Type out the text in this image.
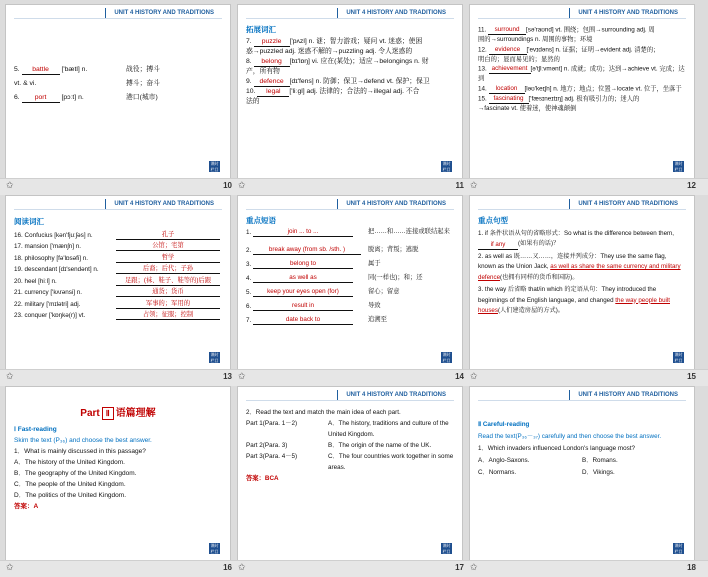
UNIT 4 HISTORY AND TRADITIONS
5. battle ['bætl] n.	战役；搏斗
vt. & vi.	搏斗；奋斗
6. port [pɔːt] n.	港口(城市)
课时 栏目
✩	10
UNIT 4 HISTORY AND TRADITIONS
拓展词汇
7. puzzle ['pʌzl] n. 谜；智力游戏；疑问 vt. 迷惑；使困
惑→puzzled adj. 迷惑不解的→puzzling adj. 令人迷惑的
8. belong [bɪ'lɒŋ] vi. 应在(某处)；适应→belongings n. 财
产，所有物
9. defence [dɪ'fens] n. 防御；保卫→defend vt. 保护；保卫
10. legal ['liːɡl] adj. 法律的；合法的→illegal adj. 不合
法的
课时 栏目
✩	11
UNIT 4 HISTORY AND TRADITIONS
11. surround [sə'raʊnd] vt. 围绕；包围→surrounding adj. 周
围的→surroundings n. 周围的事物；环境
12. evidence ['evɪdəns] n. 证据；证明→evident adj. 清楚的；
明白的；显而易见的；显然的
13. achievement [ə'tʃiːvmənt] n. 成就；成功；达到→achieve vt. 完成；达到
14. location [ləʊ'keɪʃn] n. 地方；地点；位置→locate vt. 位于，坐落于
15. fascinating ['fæsɪneɪtɪŋ] adj. 极有吸引力的；迷人的
→fascinate vt. 使着迷，使神魂颠倒
课时 栏目
✩	12
UNIT 4 HISTORY AND TRADITIONS
阅读词汇
16. Confucius [kən'fjuːʃəs] n.	孔子
17. mansion ['mænʃn] n.	公馆；宅第
18. philosophy [fə'lɒsəfi] n.	哲学
19. descendant [dɪ'sendənt] n.	后裔；后代；子孙
20. heel [hiːl] n.	足跟；(袜、鞋子、鞋等的)后跟
21. currency ['kʌrənsi] n.	通货；货币
22. military ['mɪlətri] adj.	军事的；军用的
23. conquer ['kɒŋkə(r)] vt.	占领；征服；控制
课时 栏目
✩	13
UNIT 4 HISTORY AND TRADITIONS
重点短语
1.	join ... to ...	把……和……连接或联结起来
2.	break away (from sb. /sth. )	脱离；背叛；逃脱
3.	belong to	属于
4.	as well as	同(一样也)；和；还
5.	keep your eyes open (for)	留心；留意
6.	result in	导致
7.	date back to	追溯至
课时 栏目
✩	14
UNIT 4 HISTORY AND TRADITIONS
重点句型
1. if 条件状语从句的省略形式：So what is the difference between them, if any (如果有的话)？
2. as well as 既……又……，连接并列成分：They use the same flag, known as the Union Jack, as well as share the same currency and military defence(也拥有同样的货币和国防)。
3. the way 后省略 that/in which 的定语从句：They introduced the beginnings of the English language, and changed the way people built houses(人们建造房屋的方式)。
课时 栏目
✩	15
Part Ⅱ 语篇理解
Ⅰ Fast-reading
Skim the text (P₃₆) and choose the best answer.
1．What is mainly discussed in this passage?
A．The history of the United Kingdom.
B．The geography of the United Kingdom.
C．The people of the United Kingdom.
D．The politics of the United Kingdom.
答案：A
课时 栏目
✩	16
UNIT 4 HISTORY AND TRADITIONS
2．Read the text and match the main idea of each part.
Part 1(Para. 1－2)	A．The history, traditions and culture of the United Kingdom.
Part 2(Para. 3)	B．The origin of the name of the UK.
Part 3(Para. 4－5)	C．The four countries work together in some areas.
答案：BCA
课时 栏目
✩	17
UNIT 4 HISTORY AND TRADITIONS
Ⅱ Careful-reading
Read the text(P₃₆－₃₇) carefully and then choose the best answer.
1．Which invaders influenced London's language most?
A．Anglo-Saxons.	B．Romans.
C．Normans.	D．Vikings.
课时 栏目
✩	18
